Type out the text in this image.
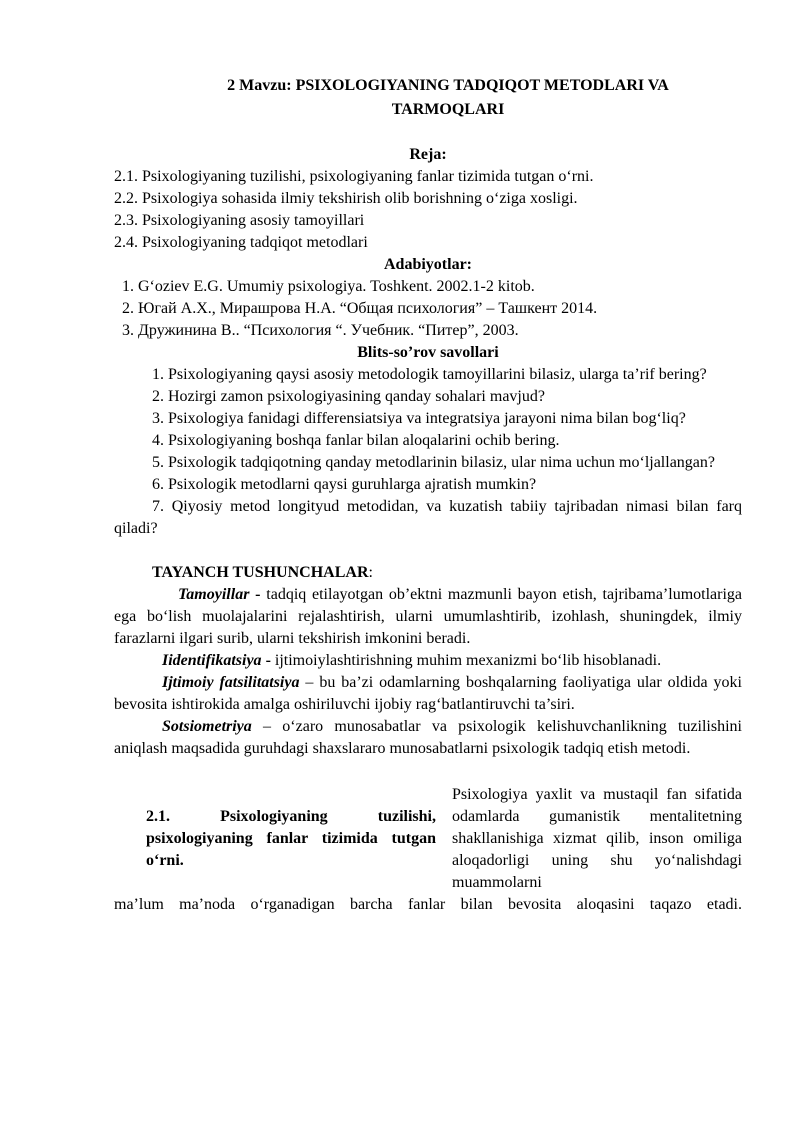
2 Mavzu: PSIXOLOGIYANING TADQIQOT METODLARI VA
TARMOQLARI
Reja:
2.1. Psixologiyaning tuzilishi, psixologiyaning fanlar tizimida tutgan o‘rni.
2.2. Psixologiya sohasida ilmiy tekshirish olib borishning o‘ziga xosligi.
2.3. Psixologiyaning asosiy tamoyillari
2.4. Psixologiyaning tadqiqot metodlari
Adabiyotlar:
1. G‘oziev E.G. Umumiy psixologiya. Toshkent. 2002.1-2 kitob.
2. Югай А.Х., Мирашровa Н.А. “Общая психология” – Ташкент 2014.
3. Дружинина В.. “Психология “. Учебник. “Питер”, 2003.
Blits-so’rov savollari
1. Psixologiyaning qaysi asosiy metodologik tamoyillarini bilasiz, ularga ta’rif bering?
2. Hozirgi zamon psixologiyasining qanday sohalari mavjud?
3. Psixologiya fanidagi differensiatsiya va integratsiya jarayoni nima bilan bog‘liq?
4. Psixologiyaning boshqa fanlar bilan aloqalarini ochib bering.
5. Psixologik tadqiqotning qanday metodlarinin bilasiz, ular nima uchun mo‘ljallangan?
6. Psixologik metodlarni qaysi guruhlarga ajratish mumkin?
7. Qiyosiy metod longityud metodidan, va kuzatish tabiiy tajribadan nimasi bilan farq qiladi?
TAYANCH TUSHUNCHALAR:
Tamoyillar - tadqiq etilayotgan ob’ektni mazmunli bayon etish, tajribama’lumotlariga ega bo‘lish muolajalarini rejalashtirish, ularni umumlashtirib, izohlash, shuningdek, ilmiy farazlarni ilgari surib, ularni tekshirish imkonini beradi.
Iidentifikatsiya - ijtimoiylashtirishning muhim mexanizmi bo‘lib hisoblanadi.
Ijtimoiy fatsilitatsiya – bu ba’zi odamlarning boshqalarning faoliyatiga ular oldida yoki bevosita ishtirokida amalga oshiriluvchi ijobiy rag‘batlantiruvchi ta’siri.
Sotsiometriya – o‘zaro munosabatlar va psixologik kelishuvchanlikning tuzilishini aniqlash maqsadida guruhdagi shaxslararo munosabatlarni psixologik tadqiq etish metodi.
2.1. Psixologiyaning tuzilishi, psixologiyaning fanlar tizimida tutgan o‘rni.
Psixologiya yaxlit va mustaqil fan sifatida odamlarda gumanistik mentalitetning shakllanishiga xizmat qilib, inson omiliga aloqadorligi uning shu yo‘nalishdagi muammolarni
ma’lum ma’noda o‘rganadigan barcha fanlar bilan bevosita aloqasini taqazo etadi.
